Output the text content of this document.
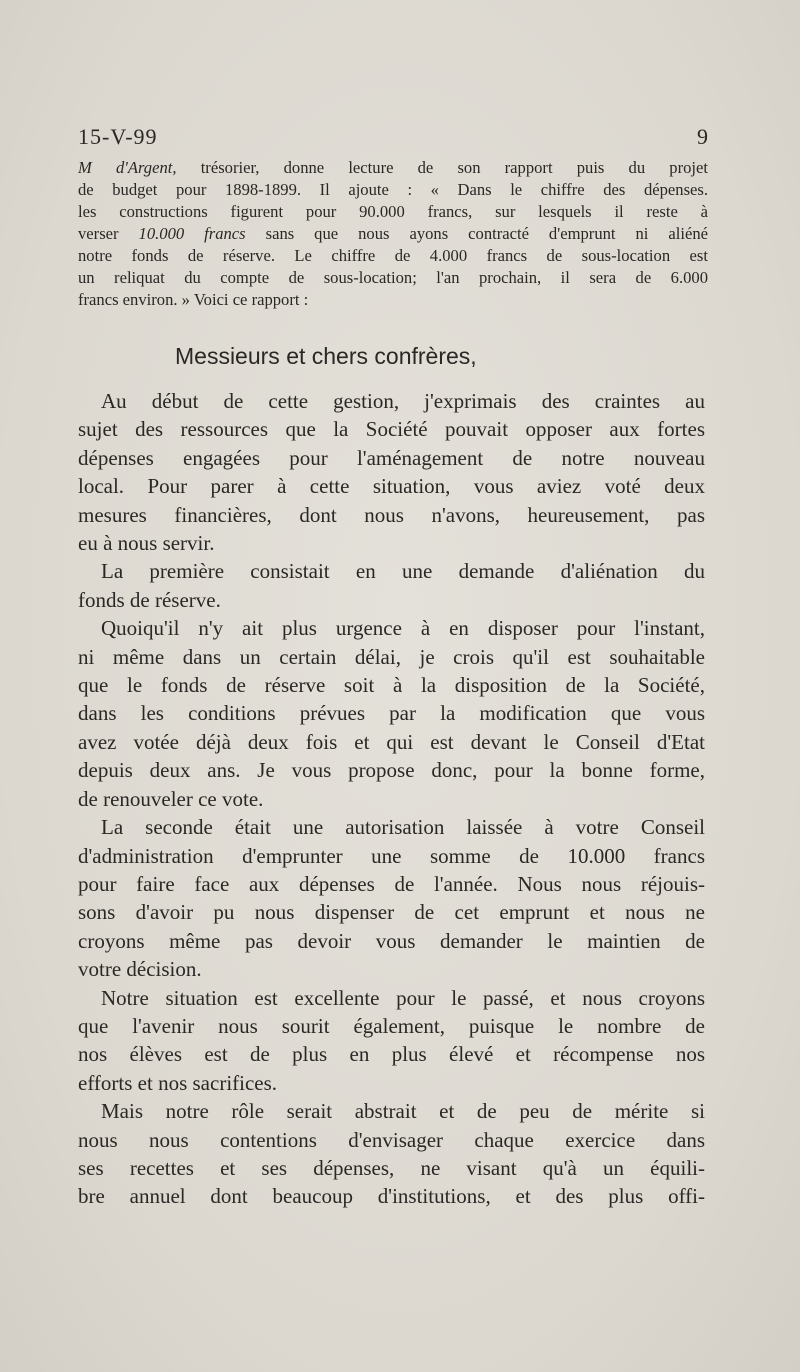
15-V-99	9
M d'Argent, trésorier, donne lecture de son rapport puis du projet
de budget pour 1898-1899. Il ajoute : « Dans le chiffre des dépenses.
les constructions figurent pour 90.000 francs, sur lesquels il reste à
verser 10.000 francs sans que nous ayons contracté d'emprunt ni aliéné
notre fonds de réserve. Le chiffre de 4.000 francs de sous-location est
un reliquat du compte de sous-location; l'an prochain, il sera de 6.000
francs environ. » Voici ce rapport :
Messieurs et chers confrères,

Au début de cette gestion, j'exprimais des craintes au
sujet des ressources que la Société pouvait opposer aux fortes
dépenses engagées pour l'aménagement de notre nouveau
local. Pour parer à cette situation, vous aviez voté deux
mesures financières, dont nous n'avons, heureusement, pas
eu à nous servir.

La première consistait en une demande d'aliénation du
fonds de réserve.

Quoiqu'il n'y ait plus urgence à en disposer pour l'instant,
ni même dans un certain délai, je crois qu'il est souhaitable
que le fonds de réserve soit à la disposition de la Société,
dans les conditions prévues par la modification que vous
avez votée déjà deux fois et qui est devant le Conseil d'Etat
depuis deux ans. Je vous propose donc, pour la bonne forme,
de renouveler ce vote.

La seconde était une autorisation laissée à votre Conseil
d'administration d'emprunter une somme de 10.000 francs
pour faire face aux dépenses de l'année. Nous nous réjouis-
sons d'avoir pu nous dispenser de cet emprunt et nous ne
croyons même pas devoir vous demander le maintien de
votre décision.

Notre situation est excellente pour le passé, et nous croyons
que l'avenir nous sourit également, puisque le nombre de
nos élèves est de plus en plus élevé et récompense nos
efforts et nos sacrifices.

Mais notre rôle serait abstrait et de peu de mérite si
nous nous contentions d'envisager chaque exercice dans
ses recettes et ses dépenses, ne visant qu'à un équili-
bre annuel dont beaucoup d'institutions, et des plus offi-
